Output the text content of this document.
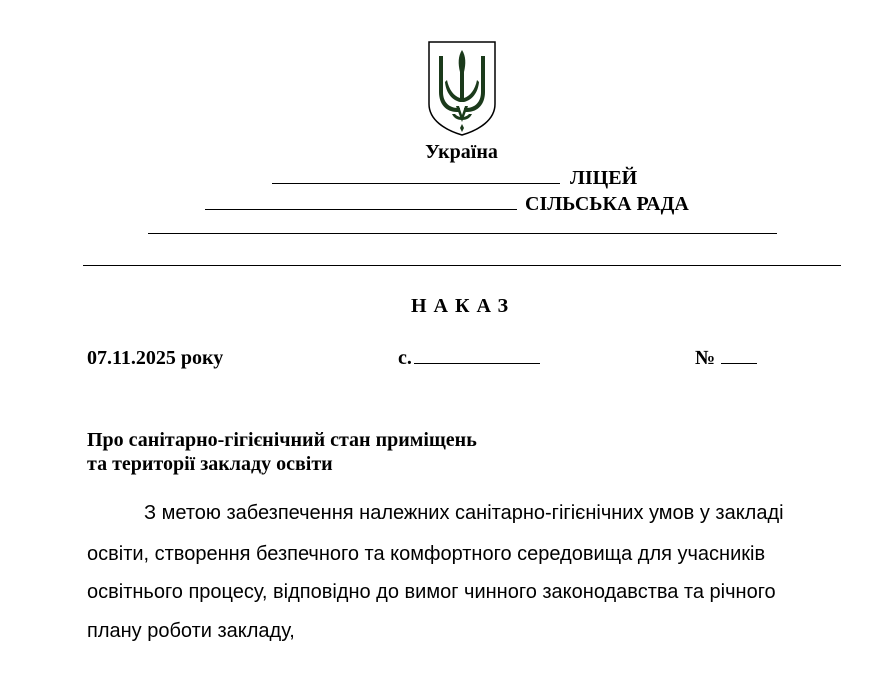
Україна
ЛІЦЕЙ
СІЛЬСЬКА РАДА
НАКАЗ
07.11.2025 року	с.	№
Про санітарно-гігієнічний стан приміщень
та території закладу освіти
З метою забезпечення належних санітарно-гігієнічних умов у закладі
освіти, створення безпечного та комфортного середовища для учасників
освітнього процесу, відповідно до вимог чинного законодавства та річного
плану роботи закладу,
